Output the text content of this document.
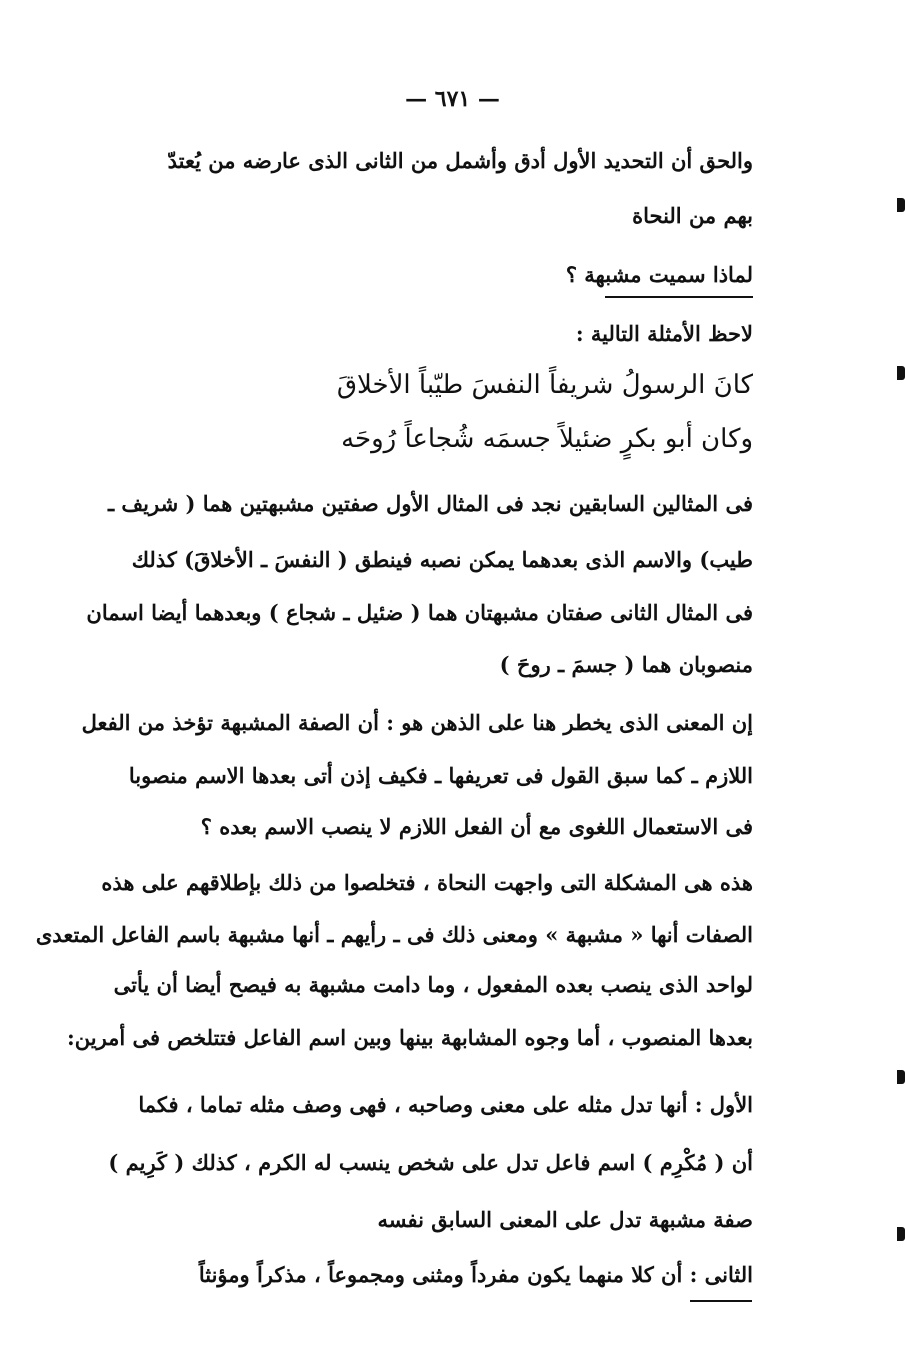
— ٦٧١ —
والحق أن التحديد الأول أدق وأشمل من الثانى الذى عارضه من يُعتدّ
بهم من النحاة
لماذا سميت مشبهة ؟
لاحظ الأمثلة التالية :
كانَ الرسولُ شريفاً النفسَ طيّباً الأخلاقَ
وكان أبو بكرٍ ضئيلاً جسمَه شُجاعاً رُوحَه
فى المثالين السابقين نجد فى المثال الأول صفتين مشبهتين هما ( شريف ـ
طيب) والاسم الذى بعدهما يمكن نصبه فينطق ( النفسَ ـ الأخلاقَ) كذلك
فى المثال الثانى صفتان مشبهتان هما ( ضئيل ـ شجاع ) وبعدهما أيضا اسمان
منصوبان هما ( جسمَ ـ روحَ )
إن المعنى الذى يخطر هنا على الذهن هو : أن الصفة المشبهة تؤخذ من الفعل
اللازم ـ كما سبق القول فى تعريفها ـ فكيف إذن أتى بعدها الاسم منصوبا
فى الاستعمال اللغوى مع أن الفعل اللازم لا ينصب الاسم بعده ؟
هذه هى المشكلة التى واجهت النحاة ، فتخلصوا من ذلك بإطلاقهم على هذه
الصفات أنها « مشبهة » ومعنى ذلك فى ـ رأيهم ـ أنها مشبهة باسم الفاعل المتعدى
لواحد الذى ينصب بعده المفعول ، وما دامت مشبهة به فيصح أيضا أن يأتى
بعدها المنصوب ، أما وجوه المشابهة بينها وبين اسم الفاعل فتتلخص فى أمرين:
الأول : أنها تدل مثله على معنى وصاحبه ، فهى وصف مثله تماما ، فكما
أن ( مُكْرِم ) اسم فاعل تدل على شخص ينسب له الكرم ، كذلك ( كَرِيم )
صفة مشبهة تدل على المعنى السابق نفسه
الثانى : أن كلا منهما يكون مفرداً ومثنى ومجموعاً ، مذكراً ومؤنثاً
